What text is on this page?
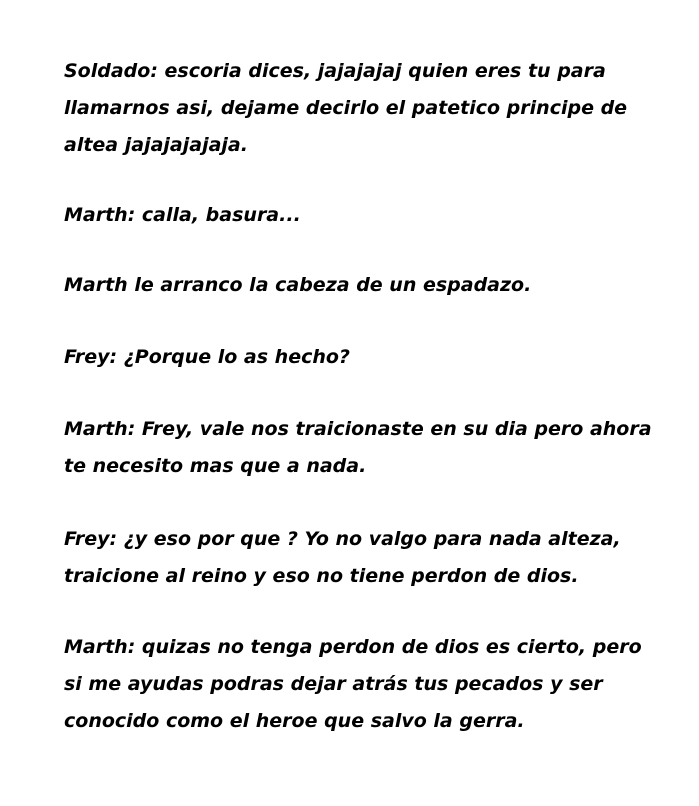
Soldado: escoria dices, jajajajaj quien eres tu para
llamarnos asi, dejame decirlo el patetico principe de
altea jajajajajaja.

Marth: calla, basura...

Marth le arranco la cabeza de un espadazo.

Frey: ¿Porque lo as hecho?

Marth: Frey, vale nos traicionaste en su dia pero ahora
te necesito mas que a nada.

Frey: ¿y eso por que ? Yo no valgo para nada alteza,
traicione al reino y eso no tiene perdon de dios.

Marth: quizas no tenga perdon de dios es cierto, pero
si me ayudas podras dejar atrás tus pecados y ser
conocido como el heroe que salvo la gerra.
